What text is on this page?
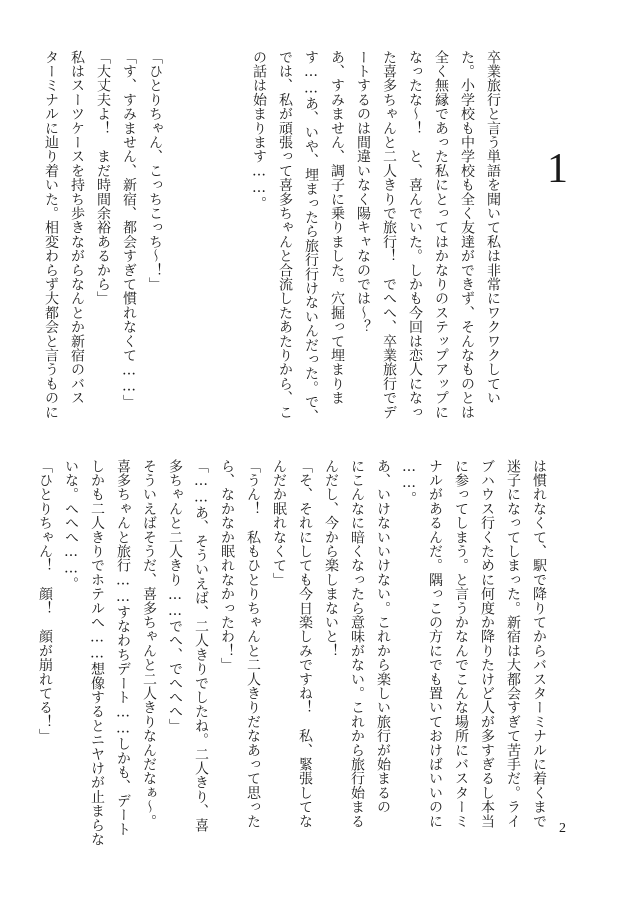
1

卒業旅行と言う単語を聞いて私は非常にワクワクしてい

た。小学校も中学校も全く友達ができず、そんなものとは

全く無縁であった私にとってはかなりのステップアップに

なったな～！　と、喜んでいた。しかも今回は恋人になっ

た喜多ちゃんと二人きりで旅行！　でへへ、卒業旅行でデ

ートするのは間違いなく陽キャなのでは～？

あ、すみません、調子に乗りました。穴掘って埋まりま

す……あ、いや、埋まったら旅行行けないんだった。で、

では、私が頑張って喜多ちゃんと合流したあたりから、こ

の話は始まります……。

「ひとりちゃん、こっちこっち～！」

「す、すみません、新宿、都会すぎて慣れなくて……」

「大丈夫よ！　まだ時間余裕あるから」

私はスーツケースを持ち歩きながらなんとか新宿のバス

ターミナルに辿り着いた。相変わらず大都会と言うものに

は慣れなくて、駅で降りてからバスターミナルに着くまで

迷子になってしまった。新宿は大都会すぎて苦手だ。ライ

ブハウス行くために何度か降りたけど人が多すぎるし本当

に参ってしまう。と言うかなんでこんな場所にバスターミ

ナルがあるんだ。隅っこの方にでも置いておけばいいのに

……。

あ、いけないいけない。これから楽しい旅行が始まるの

にこんなに暗くなったら意味がない。これから旅行始まる

んだし、今から楽しまないと！

「そ、それにしても今日楽しみですね！　私、緊張してな

んだか眠れなくて」

「うん！　私もひとりちゃんと二人きりだなあって思った

ら、なかなか眠れなかったわ！」

「……あ、そういえば、二人きりでしたね。二人きり、喜

多ちゃんと二人きり……でへ、でへへへ」

そういえばそうだ、喜多ちゃんと二人きりなんだなぁ～。

喜多ちゃんと旅行……すなわちデート……しかも、デート

しかも二人きりでホテルへ……想像するとニヤけが止まらな

いな。へへへ……。

「ひとりちゃん！　顔！　顔が崩れてる！」

2
